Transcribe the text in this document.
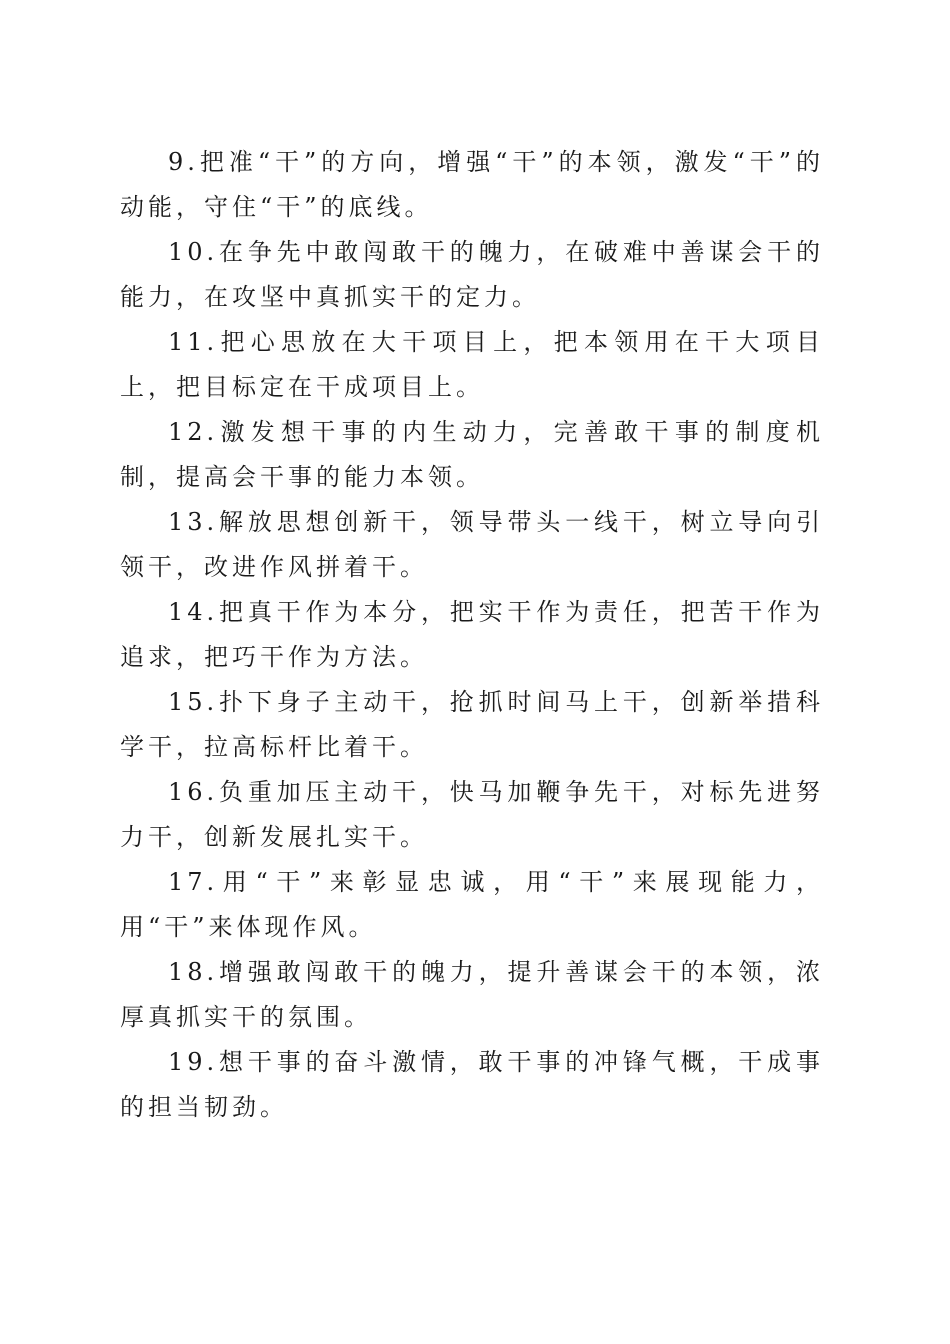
9.把准“干”的方向，增强“干”的本领，激发“干”的动能，守住“干”的底线。

10.在争先中敢闯敢干的魄力，在破难中善谋会干的能力，在攻坚中真抓实干的定力。

11.把心思放在大干项目上，把本领用在干大项目上，把目标定在干成项目上。

12.激发想干事的内生动力，完善敢干事的制度机制，提高会干事的能力本领。

13.解放思想创新干，领导带头一线干，树立导向引领干，改进作风拼着干。

14.把真干作为本分，把实干作为责任，把苦干作为追求，把巧干作为方法。

15.扑下身子主动干，抢抓时间马上干，创新举措科学干，拉高标杆比着干。

16.负重加压主动干，快马加鞭争先干，对标先进努力干，创新发展扎实干。

17.用“干”来彰显忠诚，用“干”来展现能力，用“干”来体现作风。

18.增强敢闯敢干的魄力，提升善谋会干的本领，浓厚真抓实干的氛围。

19.想干事的奋斗激情，敢干事的冲锋气概，干成事的担当韧劲。
